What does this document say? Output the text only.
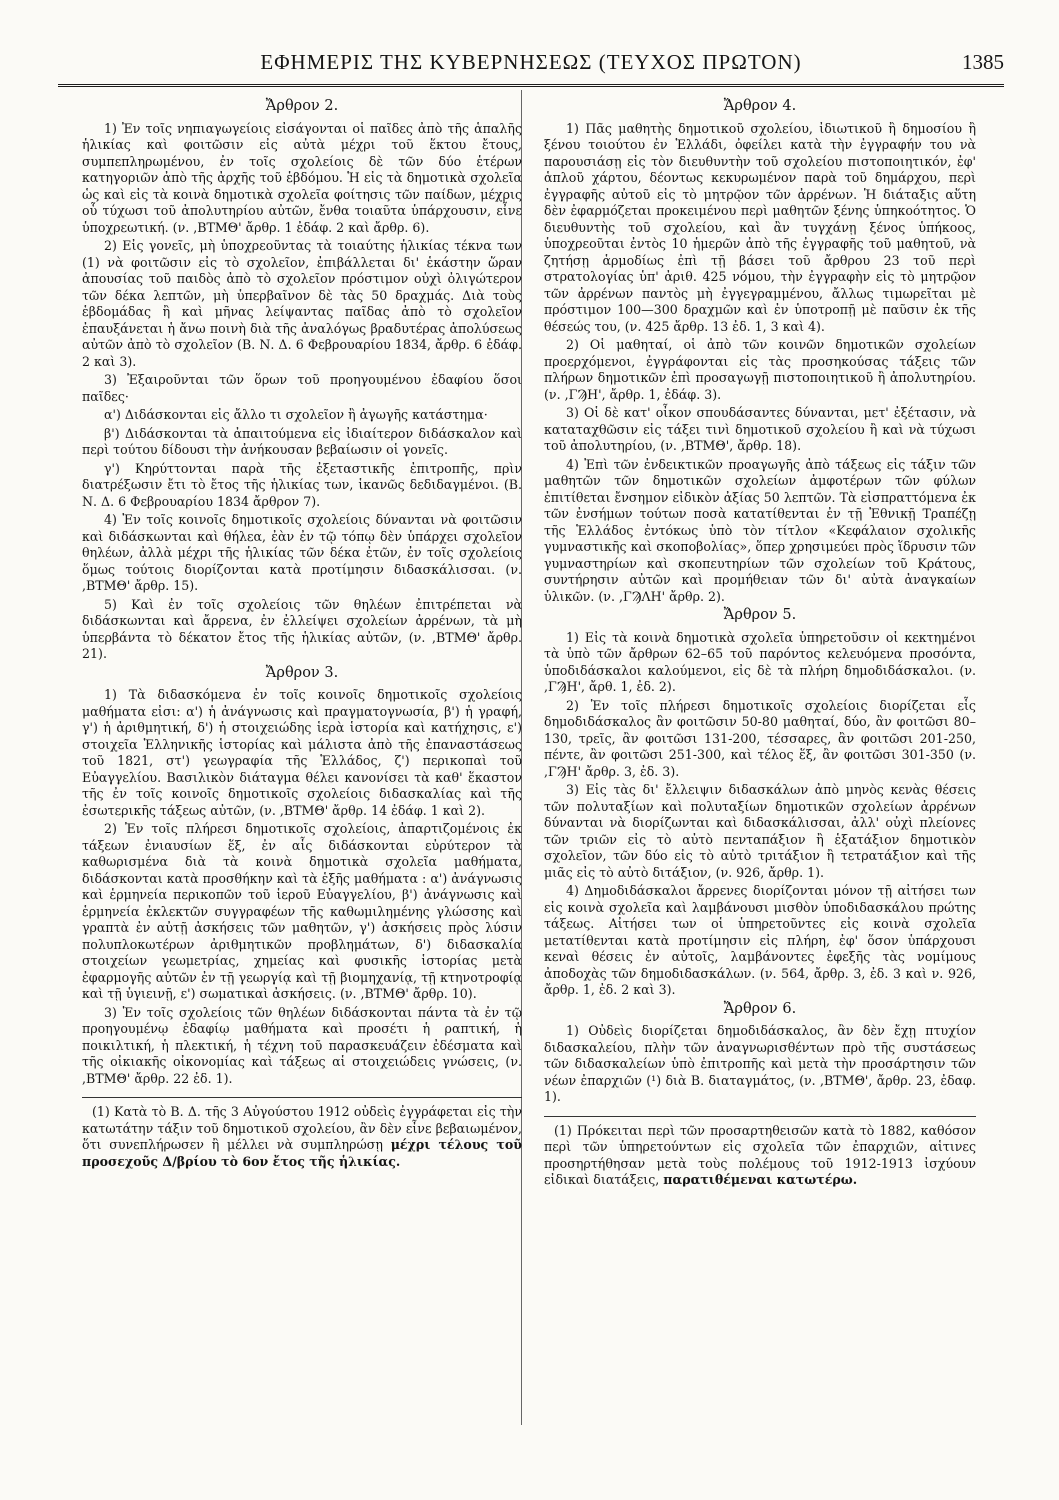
ΕΦΗΜΕΡΙΣ ΤΗΣ ΚΥΒΕΡΝΗΣΕΩΣ (ΤΕΥΧΟΣ ΠΡΩΤΟΝ)	1385
Ἄρθρον 2.

1) Ἐν τοῖς νηπιαγωγείοις εἰσάγονται οἱ παῖδες ἀπὸ τῆς ἁπαλῆς ἡλικίας καὶ φοιτῶσιν εἰς αὐτὰ μέχρι τοῦ ἕκτου ἔτους, συμπεπληρωμένου, ἐν τοῖς σχολείοις δὲ τῶν δύο ἑτέρων κατηγοριῶν ἀπὸ τῆς ἀρχῆς τοῦ ἑβδόμου. Ἡ εἰς τὰ δημοτικὰ σχολεῖα ὡς καὶ εἰς τὰ κοινὰ δημοτικὰ σχολεῖα φοίτησις τῶν παίδων, μέχρις οὗ τύχωσι τοῦ ἀπολυτηρίου αὐτῶν, ἔνθα τοιαῦτα ὑπάρχουσιν, εἶνε ὑποχρεωτική. (ν. ,ΒΤΜΘ' ἄρθρ. 1 ἐδάφ. 2 καὶ ἄρθρ. 6).

2) Εἰς γονεῖς, μὴ ὑποχρεοῦντας τὰ τοιαύτης ἡλικίας τέκνα των (1) νὰ φοιτῶσιν εἰς τὸ σχολεῖον, ἐπιβάλλεται δι' ἑκάστην ὥραν ἀπουσίας τοῦ παιδὸς ἀπὸ τὸ σχολεῖον πρόστιμον οὐχὶ ὀλιγώτερον τῶν δέκα λεπτῶν, μὴ ὑπερβαῖνον δὲ τὰς 50 δραχμάς. Διὰ τοὺς ἑβδομάδας ἢ καὶ μῆνας λείψαντας παῖδας ἀπὸ τὸ σχολεῖον ἐπαυξάνεται ἡ ἄνω ποινὴ διὰ τῆς ἀναλόγως βραδυτέρας ἀπολύσεως αὐτῶν ἀπὸ τὸ σχολεῖον (Β. Ν. Δ. 6 Φεβρουαρίου 1834, ἄρθρ. 6 ἐδάφ. 2 καὶ 3).

3) Ἐξαιροῦνται τῶν ὅρων τοῦ προηγουμένου ἐδαφίου ὅσοι παῖδες·

α') Διδάσκονται εἰς ἄλλο τι σχολεῖον ἢ ἀγωγῆς κατάστημα·

β') Διδάσκονται τὰ ἀπαιτούμενα εἰς ἰδιαίτερον διδάσκαλον καὶ περὶ τούτου δίδουσι τὴν ἀνήκουσαν βεβαίωσιν οἱ γονεῖς.

γ') Κηρύττονται παρὰ τῆς ἐξεταστικῆς ἐπιτροπῆς, πρὶν διατρέξωσιν ἔτι τὸ ἔτος τῆς ἡλικίας των, ἱκανῶς δεδιδαγμένοι. (Β. Ν. Δ. 6 Φεβρουαρίου 1834 ἄρθρον 7).

4) Ἐν τοῖς κοινοῖς δημοτικοῖς σχολείοις δύνανται νὰ φοιτῶσιν καὶ διδάσκωνται καὶ θήλεα, ἐὰν ἐν τῷ τόπῳ δὲν ὑπάρχει σχολεῖον θηλέων, ἀλλὰ μέχρι τῆς ἡλικίας τῶν δέκα ἐτῶν, ἐν τοῖς σχολείοις ὅμως τούτοις διορίζονται κατὰ προτίμησιν διδασκάλισσαι. (ν. ,ΒΤΜΘ' ἄρθρ. 15).

5) Καὶ ἐν τοῖς σχολείοις τῶν θηλέων ἐπιτρέπεται νὰ διδάσκωνται καὶ ἄρρενα, ἐν ἐλλείψει σχολείων ἀρρένων, τὰ μὴ ὑπερβάντα τὸ δέκατον ἔτος τῆς ἡλικίας αὐτῶν, (ν. ,ΒΤΜΘ' ἄρθρ. 21).

Ἄρθρον 3.

1) Τὰ διδασκόμενα ἐν τοῖς κοινοῖς δημοτικοῖς σχολείοις μαθήματα εἰσι: α') ἡ ἀνάγνωσις καὶ πραγματογνωσία, β') ἡ γραφή, γ') ἡ ἀριθμητική, δ') ἡ στοιχειώδης ἱερὰ ἱστορία καὶ κατήχησις, ε') στοιχεῖα Ἑλληνικῆς ἱστορίας καὶ μάλιστα ἀπὸ τῆς ἐπαναστάσεως τοῦ 1821, στ') γεωγραφία τῆς Ἑλλάδος, ζ') περικοπαὶ τοῦ Εὐαγγελίου. Βασιλικὸν διάταγμα θέλει κανονίσει τὰ καθ' ἕκαστον τῆς ἐν τοῖς κοινοῖς δημοτικοῖς σχολείοις διδασκαλίας καὶ τῆς ἐσωτερικῆς τάξεως αὐτῶν, (ν. ,ΒΤΜΘ' ἄρθρ. 14 ἐδάφ. 1 καὶ 2).

2) Ἐν τοῖς πλήρεσι δημοτικοῖς σχολείοις, ἀπαρτιζομένοις ἐκ τάξεων ἐνιαυσίων ἕξ, ἐν αἷς διδάσκονται εὐρύτερον τὰ καθωρισμένα διὰ τὰ κοινὰ δημοτικὰ σχολεῖα μαθήματα, διδάσκονται κατὰ προσθήκην καὶ τὰ ἑξῆς μαθήματα : α') ἀνάγνωσις καὶ ἑρμηνεία περικοπῶν τοῦ ἱεροῦ Εὐαγγελίου, β') ἀνάγνωσις καὶ ἑρμηνεία ἐκλεκτῶν συγγραφέων τῆς καθωμιλημένης γλώσσης καὶ γραπτὰ ἐν αὐτῇ ἀσκήσεις τῶν μαθητῶν, γ') ἀσκήσεις πρὸς λύσιν πολυπλοκωτέρων ἀριθμητικῶν προβλημάτων, δ') διδασκαλία στοιχείων γεωμετρίας, χημείας καὶ φυσικῆς ἱστορίας μετὰ ἐφαρμογῆς αὐτῶν ἐν τῇ γεωργίᾳ καὶ τῇ βιομηχανίᾳ, τῇ κτηνοτροφίᾳ καὶ τῇ ὑγιεινῇ, ε') σωματικαὶ ἀσκήσεις. (ν. ,ΒΤΜΘ' ἄρθρ. 10).

3) Ἐν τοῖς σχολείοις τῶν θηλέων διδάσκονται πάντα τὰ ἐν τῷ προηγουμένῳ ἐδαφίῳ μαθήματα καὶ προσέτι ἡ ραπτική, ἡ ποικιλτική, ἡ πλεκτική, ἡ τέχνη τοῦ παρασκευάζειν ἐδέσματα καὶ τῆς οἰκιακῆς οἰκονομίας καὶ τάξεως αἱ στοιχειώδεις γνώσεις, (ν. ,ΒΤΜΘ' ἄρθρ. 22 ἐδ. 1).

(1) Κατὰ τὸ Β. Δ. τῆς 3 Αὐγούστου 1912 οὐδεὶς ἐγγράφεται εἰς τὴν κατωτάτην τάξιν τοῦ δημοτικοῦ σχολείου, ἂν δὲν εἶνε βεβαιωμένον, ὅτι συνεπλήρωσεν ἢ μέλλει νὰ συμπληρώσῃ μέχρι τέλους τοῦ προσεχοῦς Δ/βρίου τὸ 6ον ἔτος τῆς ἡλικίας.

Ἄρθρον 4.

1) Πᾶς μαθητὴς δημοτικοῦ σχολείου, ἰδιωτικοῦ ἢ δημοσίου ἢ ξένου τοιούτου ἐν Ἑλλάδι, ὀφείλει κατὰ τὴν ἐγγραφήν του νὰ παρουσιάσῃ εἰς τὸν διευθυντὴν τοῦ σχολείου πιστοποιητικόν, ἐφ' ἁπλοῦ χάρτου, δέοντως κεκυρωμένον παρὰ τοῦ δημάρχου, περὶ ἐγγραφῆς αὐτοῦ εἰς τὸ μητρῷον τῶν ἀρρένων. Ἡ διάταξις αὕτη δὲν ἐφαρμόζεται προκειμένου περὶ μαθητῶν ξένης ὑπηκοότητος. Ὁ διευθυντὴς τοῦ σχολείου, καὶ ἂν τυγχάνῃ ξένος ὑπήκοος, ὑποχρεοῦται ἐντὸς 10 ἡμερῶν ἀπὸ τῆς ἐγγραφῆς τοῦ μαθητοῦ, νὰ ζητήσῃ ἁρμοδίως ἐπὶ τῇ βάσει τοῦ ἄρθρου 23 τοῦ περὶ στρατολογίας ὑπ' ἀριθ. 425 νόμου, τὴν ἐγγραφὴν εἰς τὸ μητρῷον τῶν ἀρρένων παντὸς μὴ ἐγγεγραμμένου, ἄλλως τιμωρεῖται μὲ πρόστιμον 100—300 δραχμῶν καὶ ἐν ὑποτροπῇ μὲ παῦσιν ἐκ τῆς θέσεώς του, (ν. 425 ἄρθρ. 13 ἐδ. 1, 3 καὶ 4).

2) Οἱ μαθηταί, οἱ ἀπὸ τῶν κοινῶν δημοτικῶν σχολείων προερχόμενοι, ἐγγράφονται εἰς τὰς προσηκούσας τάξεις τῶν πλήρων δημοτικῶν ἐπὶ προσαγωγῇ πιστοποιητικοῦ ἢ ἀπολυτηρίου. (ν. ,ΓϠΗ', ἄρθρ. 1, ἐδάφ. 3).

3) Οἱ δὲ κατ' οἶκον σπουδάσαντες δύνανται, μετ' ἐξέτασιν, νὰ καταταχθῶσιν εἰς τάξει τινὶ δημοτικοῦ σχολείου ἢ καὶ νὰ τύχωσι τοῦ ἀπολυτηρίου, (ν. ,ΒΤΜΘ', ἄρθρ. 18).

4) Ἐπὶ τῶν ἐνδεικτικῶν προαγωγῆς ἀπὸ τάξεως εἰς τάξιν τῶν μαθητῶν τῶν δημοτικῶν σχολείων ἀμφοτέρων τῶν φύλων ἐπιτίθεται ἔνσημον εἰδικὸν ἀξίας 50 λεπτῶν. Τὰ εἰσπραττόμενα ἐκ τῶν ἐνσήμων τούτων ποσὰ κατατίθενται ἐν τῇ Ἐθνικῇ Τραπέζῃ τῆς Ἑλλάδος ἐντόκως ὑπὸ τὸν τίτλον «Κεφάλαιον σχολικῆς γυμναστικῆς καὶ σκοποβολίας», ὅπερ χρησιμεύει πρὸς ἵδρυσιν τῶν γυμναστηρίων καὶ σκοπευτηρίων τῶν σχολείων τοῦ Κράτους, συντήρησιν αὐτῶν καὶ προμήθειαν τῶν δι' αὐτὰ ἀναγκαίων ὑλικῶν. (ν. ,ΓϠΛΗ' ἄρθρ. 2).

Ἄρθρον 5.

1) Εἰς τὰ κοινὰ δημοτικὰ σχολεῖα ὑπηρετοῦσιν οἱ κεκτημένοι τὰ ὑπὸ τῶν ἄρθρων 62–65 τοῦ παρόντος κελευόμενα προσόντα, ὑποδιδάσκαλοι καλούμενοι, εἰς δὲ τὰ πλήρη δημοδιδάσκαλοι. (ν. ,ΓϠΗ', ἄρθ. 1, ἐδ. 2).

2) Ἐν τοῖς πλήρεσι δημοτικοῖς σχολείοις διορίζεται εἷς δημοδιδάσκαλος ἂν φοιτῶσιν 50-80 μαθηταί, δύο, ἂν φοιτῶσι 80–130, τρεῖς, ἂν φοιτῶσι 131-200, τέσσαρες, ἂν φοιτῶσι 201-250, πέντε, ἂν φοιτῶσι 251-300, καὶ τέλος ἕξ, ἂν φοιτῶσι 301-350 (ν. ,ΓϠΗ' ἄρθρ. 3, ἐδ. 3).

3) Εἰς τὰς δι' ἔλλειψιν διδασκάλων ἀπὸ μηνὸς κενὰς θέσεις τῶν πολυταξίων καὶ πολυταξίων δημοτικῶν σχολείων ἀρρένων δύνανται νὰ διορίζωνται καὶ διδασκάλισσαι, ἀλλ' οὐχὶ πλείονες τῶν τριῶν εἰς τὸ αὐτὸ πενταπάξιον ἢ ἑξατάξιον δημοτικὸν σχολεῖον, τῶν δύο εἰς τὸ αὐτὸ τριτάξιον ἢ τετρατάξιον καὶ τῆς μιᾶς εἰς τὸ αὐτὸ διτάξιον, (ν. 926, ἄρθρ. 1).

4) Δημοδιδάσκαλοι ἄρρενες διορίζονται μόνον τῇ αἰτήσει των εἰς κοινὰ σχολεῖα καὶ λαμβάνουσι μισθὸν ὑποδιδασκάλου πρώτης τάξεως. Αἰτήσει των οἱ ὑπηρετοῦντες εἰς κοινὰ σχολεῖα μετατίθενται κατὰ προτίμησιν εἰς πλήρη, ἐφ' ὅσον ὑπάρχουσι κεναὶ θέσεις ἐν αὐτοῖς, λαμβάνοντες ἐφεξῆς τὰς νομίμους ἀποδοχὰς τῶν δημοδιδασκάλων. (ν. 564, ἄρθρ. 3, ἐδ. 3 καὶ ν. 926, ἄρθρ. 1, ἐδ. 2 καὶ 3).

Ἄρθρον 6.

1) Οὐδεὶς διορίζεται δημοδιδάσκαλος, ἂν δὲν ἔχῃ πτυχίον διδασκαλείου, πλὴν τῶν ἀναγνωρισθέντων πρὸ τῆς συστάσεως τῶν διδασκαλείων ὑπὸ ἐπιτροπῆς καὶ μετὰ τὴν προσάρτησιν τῶν νέων ἐπαρχιῶν (¹) διὰ Β. διαταγμάτος, (ν. ,ΒΤΜΘ', ἄρθρ. 23, ἐδαφ. 1).

(1) Πρόκειται περὶ τῶν προσαρτηθεισῶν κατὰ τὸ 1882, καθόσον περὶ τῶν ὑπηρετούντων εἰς σχολεῖα τῶν ἐπαρχιῶν, αἱτινες προσηρτήθησαν μετὰ τοὺς πολέμους τοῦ 1912-1913 ἰσχύουν εἰδικαὶ διατάξεις, παρατιθέμεναι κατωτέρω.
